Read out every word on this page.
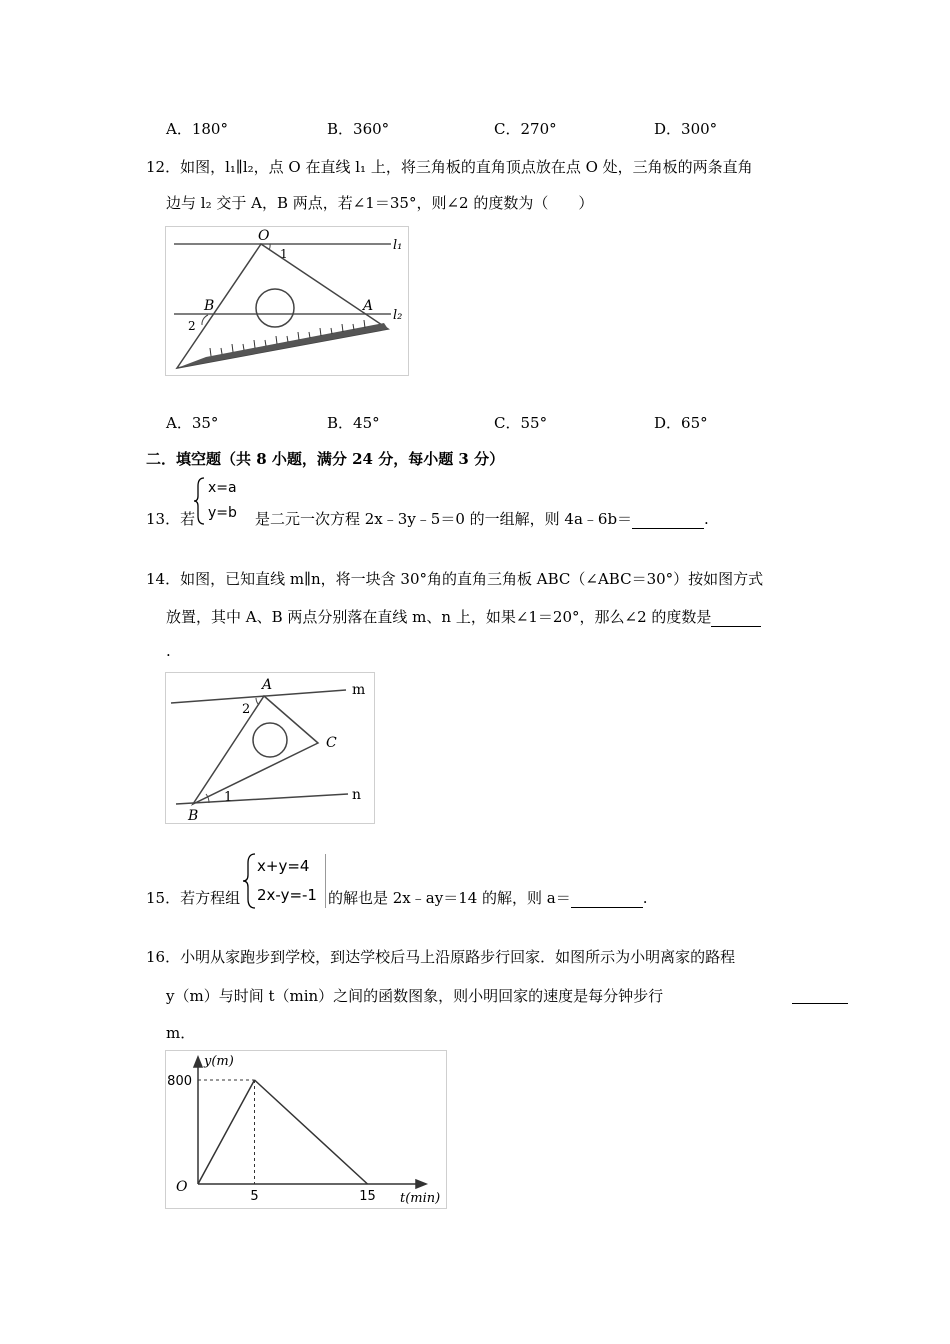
A．180°	B．360°	C．270°	D．300°
12．如图，l₁∥l₂，点 O 在直线 l₁ 上，将三角板的直角顶点放在点 O 处，三角板的两条直角
边与 l₂ 交于 A，B 两点，若∠1＝35°，则∠2 的度数为（　　）
O
1
l₁
B	A
l₂
2
A．35°	B．45°	C．55°	D．65°
二．填空题（共 8 小题，满分 24 分，每小题 3 分）
13．若
x=a
y=b 是二元一次方程 2x﹣3y﹣5＝0 的一组解，则 4a﹣6b＝	.
14．如图，已知直线 m∥n，将一块含 30°角的直角三角板 ABC（∠ABC＝30°）按如图方式
放置，其中 A、B 两点分别落在直线 m、n 上，如果∠1＝20°，那么∠2 的度数是
.
A	m
2
C
1	n
B
15．若方程组
x+y=4
2x-y=-1 的解也是 2x﹣ay＝14 的解，则 a＝	.
16．小明从家跑步到学校，到达学校后马上沿原路步行回家．如图所示为小明离家的路程
y（m）与时间 t（min）之间的函数图象，则小明回家的速度是每分钟步行

m．
y(m)
t(min)
O
800
5	15
